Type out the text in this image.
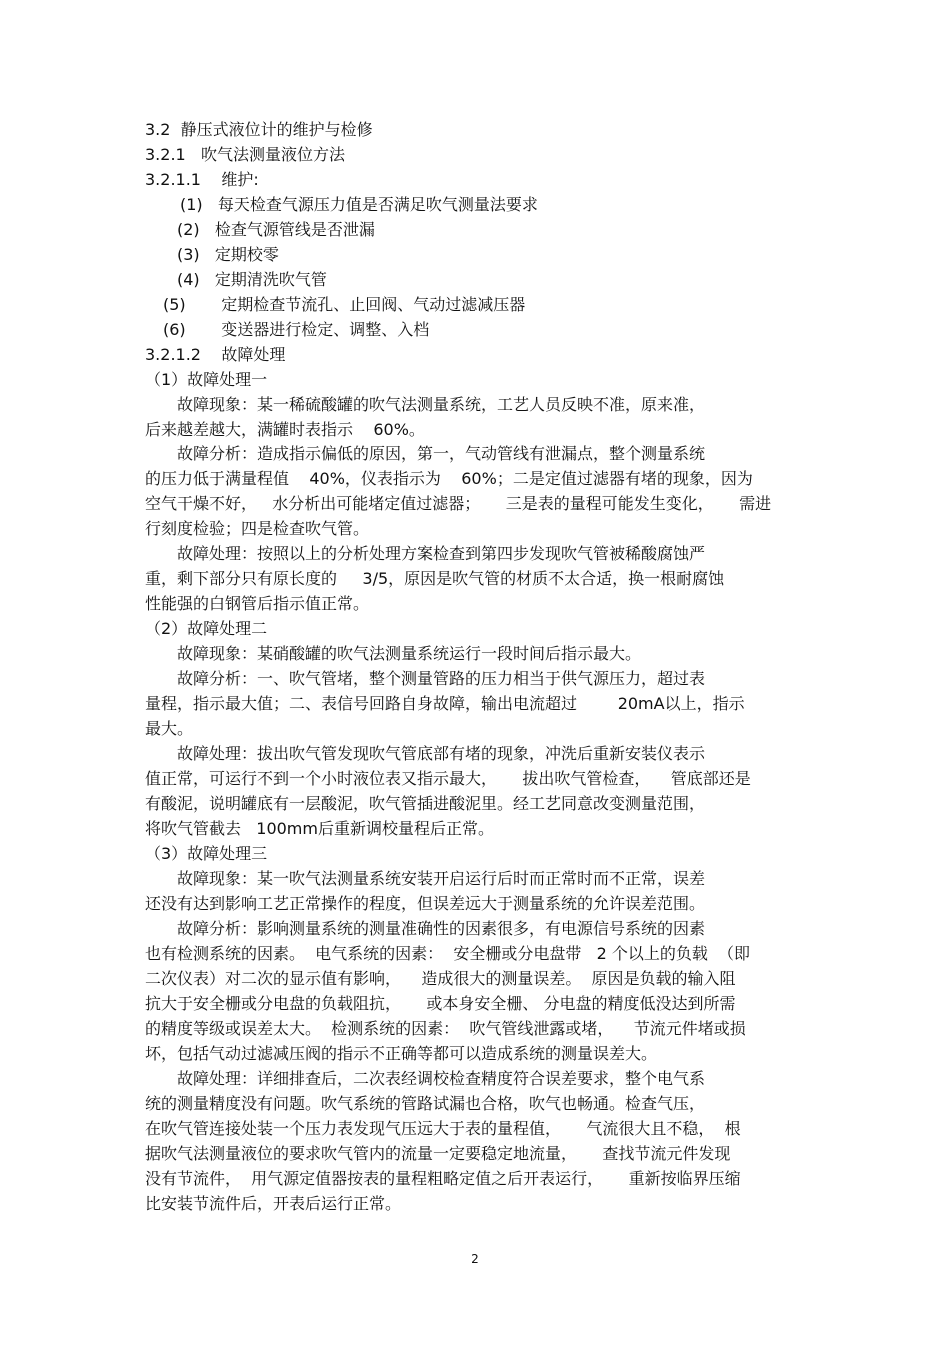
3.2  静压式液位计的维护与检修
3.2.1   吹气法测量液位方法
3.2.1.1    维护:
(1)   每天检查气源压力值是否满足吹气测量法要求
(2)   检查气源管线是否泄漏
(3)   定期校零
(4)   定期清洗吹气管
(5)       定期检查节流孔、止回阀、气动过滤减压器
(6)       变送器进行检定、调整、入档
3.2.1.2    故障处理
（1）故障处理一
故障现象：某一稀硫酸罐的吹气法测量系统，工艺人员反映不准，原来准，
后来越差越大，满罐时表指示    60%。
故障分析：造成指示偏低的原因，第一，气动管线有泄漏点，整个测量系统
的压力低于满量程值    40%，仪表指示为    60%；二是定值过滤器有堵的现象，因为
空气干燥不好，   水分析出可能堵定值过滤器；     三是表的量程可能发生变化，     需进
行刻度检验；四是检查吹气管。
故障处理：按照以上的分析处理方案检查到第四步发现吹气管被稀酸腐蚀严
重，剩下部分只有原长度的     3/5，原因是吹气管的材质不太合适，换一根耐腐蚀
性能强的白钢管后指示值正常。
（2）故障处理二
故障现象：某硝酸罐的吹气法测量系统运行一段时间后指示最大。
故障分析：一、吹气管堵，整个测量管路的压力相当于供气源压力，超过表
量程，指示最大值；二、表信号回路自身故障，输出电流超过        20mA以上，指示
最大。
故障处理：拔出吹气管发现吹气管底部有堵的现象，冲洗后重新安装仪表示
值正常，可运行不到一个小时液位表又指示最大，     拔出吹气管检查，    管底部还是
有酸泥，说明罐底有一层酸泥，吹气管插进酸泥里。经工艺同意改变测量范围，
将吹气管截去   100mm后重新调校量程后正常。
（3）故障处理三
故障现象：某一吹气法测量系统安装开启运行后时而正常时而不正常，误差
还没有达到影响工艺正常操作的程度，但误差远大于测量系统的允许误差范围。
故障分析：影响测量系统的测量准确性的因素很多，有电源信号系统的因素
也有检测系统的因素。  电气系统的因素：  安全栅或分电盘带   2 个以上的负载  （即
二次仪表）对二次的显示值有影响，    造成很大的测量误差。  原因是负载的输入阻
抗大于安全栅或分电盘的负载阻抗，     或本身安全栅、 分电盘的精度低没达到所需
的精度等级或误差太大。  检测系统的因素：  吹气管线泄露或堵，    节流元件堵或损
坏，包括气动过滤减压阀的指示不正确等都可以造成系统的测量误差大。
故障处理：详细排查后，二次表经调校检查精度符合误差要求，整个电气系
统的测量精度没有问题。吹气系统的管路试漏也合格，吹气也畅通。检查气压，
在吹气管连接处装一个压力表发现气压远大于表的量程值，     气流很大且不稳，  根
据吹气法测量液位的要求吹气管内的流量一定要稳定地流量，     查找节流元件发现
没有节流件，  用气源定值器按表的量程粗略定值之后开表运行，     重新按临界压缩
比安装节流件后，开表后运行正常。
2
